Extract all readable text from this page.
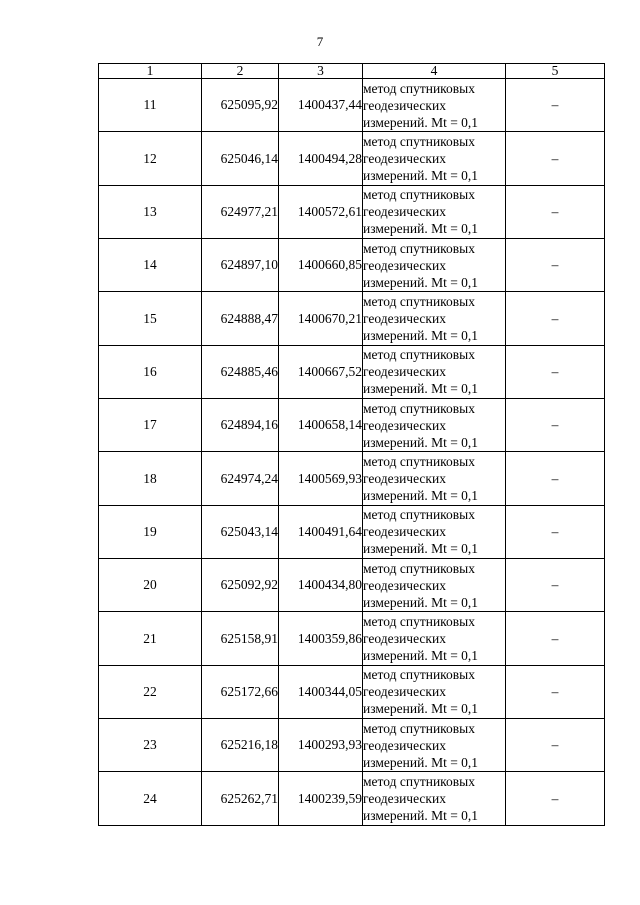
7
1	2	3	4	5
11	625095,92	1400437,44	метод спутниковых
геодезических
измерений. Mt = 0,1	–
12	625046,14	1400494,28	метод спутниковых
геодезических
измерений. Mt = 0,1	–
13	624977,21	1400572,61	метод спутниковых
геодезических
измерений. Mt = 0,1	–
14	624897,10	1400660,85	метод спутниковых
геодезических
измерений. Mt = 0,1	–
15	624888,47	1400670,21	метод спутниковых
геодезических
измерений. Mt = 0,1	–
16	624885,46	1400667,52	метод спутниковых
геодезических
измерений. Mt = 0,1	–
17	624894,16	1400658,14	метод спутниковых
геодезических
измерений. Mt = 0,1	–
18	624974,24	1400569,93	метод спутниковых
геодезических
измерений. Mt = 0,1	–
19	625043,14	1400491,64	метод спутниковых
геодезических
измерений. Mt = 0,1	–
20	625092,92	1400434,80	метод спутниковых
геодезических
измерений. Mt = 0,1	–
21	625158,91	1400359,86	метод спутниковых
геодезических
измерений. Mt = 0,1	–
22	625172,66	1400344,05	метод спутниковых
геодезических
измерений. Mt = 0,1	–
23	625216,18	1400293,93	метод спутниковых
геодезических
измерений. Mt = 0,1	–
24	625262,71	1400239,59	метод спутниковых
геодезических
измерений. Mt = 0,1	–
